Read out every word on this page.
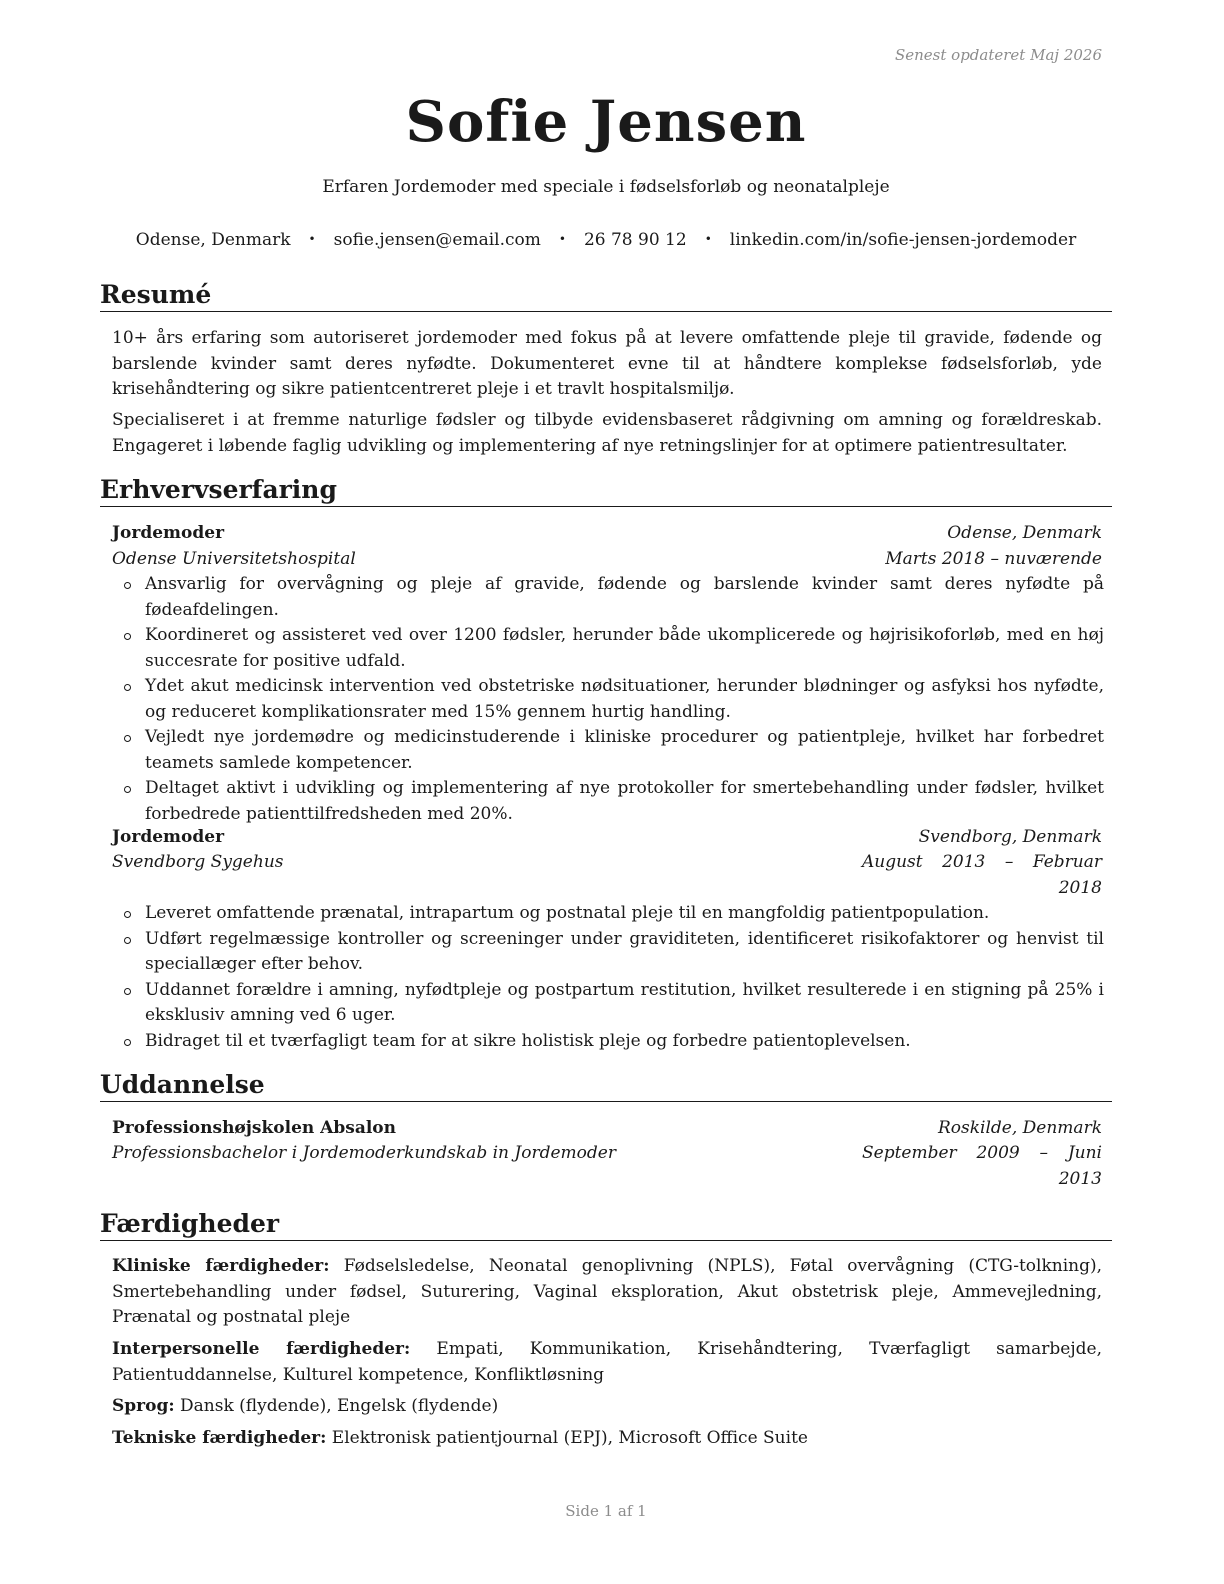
Senest opdateret Maj 2026
Sofie Jensen
Erfaren Jordemoder med speciale i fødselsforløb og neonatalpleje
Odense, Denmark • sofie.jensen@email.com • 26 78 90 12 • linkedin.com/in/sofie-jensen-jordemoder
Resumé

10+ års erfaring som autoriseret jordemoder med fokus på at levere omfattende pleje til gravide, fødende og barslende kvinder samt deres nyfødte. Dokumenteret evne til at håndtere komplekse fødselsforløb, yde krisehåndtering og sikre patientcentreret pleje i et travlt hospitalsmiljø.

Specialiseret i at fremme naturlige fødsler og tilbyde evidensbaseret rådgivning om amning og forældreskab. Engageret i løbende faglig udvikling og implementering af nye retningslinjer for at optimere patientresultater.

Erhvervserfaring
Jordemoder	Odense, Denmark
Odense Universitetshospital	Marts 2018 – nuværende
Ansvarlig for overvågning og pleje af gravide, fødende og barslende kvinder samt deres nyfødte på fødeafdelingen.
Koordineret og assisteret ved over 1200 fødsler, herunder både ukomplicerede og højrisikoforløb, med en høj succesrate for positive udfald.
Ydet akut medicinsk intervention ved obstetriske nødsituationer, herunder blødninger og asfyksi hos nyfødte, og reduceret komplikationsrater med 15% gennem hurtig handling.
Vejledt nye jordemødre og medicinstuderende i kliniske procedurer og patientpleje, hvilket har forbedret teamets samlede kompetencer.
Deltaget aktivt i udvikling og implementering af nye protokoller for smertebehandling under fødsler, hvilket forbedrede patienttilfredsheden med 20%.
Jordemoder	Svendborg, Denmark
Svendborg Sygehus	August 2013 – Februar 2018
Leveret omfattende prænatal, intrapartum og postnatal pleje til en mangfoldig patientpopulation.
Udført regelmæssige kontroller og screeninger under graviditeten, identificeret risikofaktorer og henvist til speciallæger efter behov.
Uddannet forældre i amning, nyfødtpleje og postpartum restitution, hvilket resulterede i en stigning på 25% i eksklusiv amning ved 6 uger.
Bidraget til et tværfagligt team for at sikre holistisk pleje og forbedre patientoplevelsen.
Uddannelse
Professionshøjskolen Absalon	Roskilde, Denmark
Professionsbachelor i Jordemoderkundskab in Jordemoder	September 2009 – Juni 2013
Færdigheder
Kliniske færdigheder: Fødselsledelse, Neonatal genoplivning (NPLS), Føtal overvågning (CTG-tolkning), Smertebehandling under fødsel, Suturering, Vaginal eksploration, Akut obstetrisk pleje, Ammevejledning, Prænatal og postnatal pleje
Interpersonelle færdigheder: Empati, Kommunikation, Krisehåndtering, Tværfagligt samarbejde, Patientuddannelse, Kulturel kompetence, Konfliktløsning
Sprog: Dansk (flydende), Engelsk (flydende)
Tekniske færdigheder: Elektronisk patientjournal (EPJ), Microsoft Office Suite
Side 1 af 1
